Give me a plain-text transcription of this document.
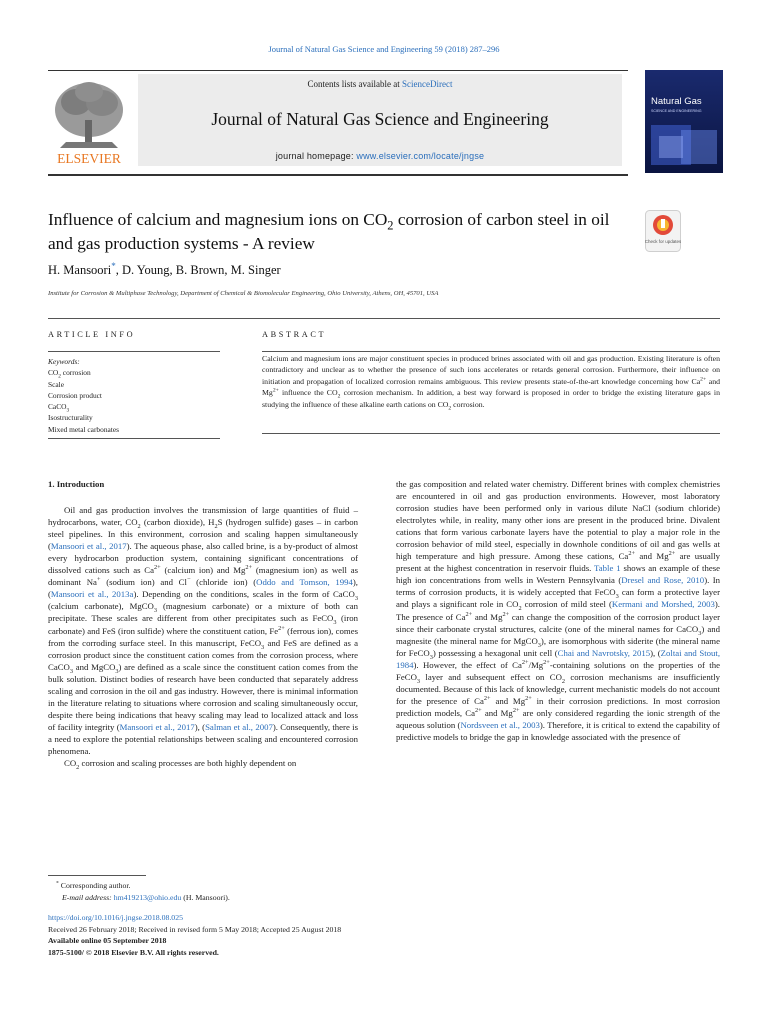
Journal of Natural Gas Science and Engineering 59 (2018) 287–296
Contents lists available at ScienceDirect
Journal of Natural Gas Science and Engineering
journal homepage: www.elsevier.com/locate/jngse
ELSEVIER
Natural Gas
SCIENCE AND ENGINEERING
Influence of calcium and magnesium ions on $CO_2$ corrosion of carbon steel in oil and gas production systems - A review	Check for updates
H. Mansoori*, D. Young, B. Brown, M. Singer
Institute for Corrosion & Multiphase Technology, Department of Chemical & Biomolecular Engineering, Ohio University, Athens, OH, 45701, USA
ARTICLE INFO	ABSTRACT
Keywords:
$CO_2$ corrosion
Scale
Corrosion product
CaCO$_3$
Isostructurality
Mixed metal carbonates
Calcium and magnesium ions are major constituent species in produced brines associated with oil and gas production. Existing literature is often contradictory and unclear as to whether the presence of such ions accelerates or retards general corrosion. Furthermore, their influence on initiation and propagation of localized corrosion remains ambiguous. This review presents state-of-the-art knowledge concerning how $Ca^{2+}$ and $Mg^{2+}$ influence the $CO_2$ corrosion mechanism. In addition, a best way forward is proposed in order to bridge the existing literature gaps in studying the influence of these alkaline earth cations on $CO_2$ corrosion.

1. Introduction

Oil and gas production involves the transmission of large quantities of fluid – hydrocarbons, water, $CO_2$ (carbon dioxide), $H_2S$ (hydrogen sulfide) gases – in carbon steel pipelines. In this environment, corrosion and scaling happen simultaneously (Mansoori et al., 2017). The aqueous phase, also called brine, is a by-product of almost every hydrocarbon production system, containing significant concentrations of dissolved cations such as $Ca^{2+}$ (calcium ion) and $Mg^{2+}$ (magnesium ion) as well as dominant Na+ (sodium ion) and Cl− (chloride ion) (Oddo and Tomson, 1994), (Mansoori et al., 2013a). Depending on the conditions, scales in the form of CaCO$_3$ (calcium carbonate), MgCO$_3$ (magnesium carbonate) or a mixture of both can precipitate. These scales are different from other precipitates such as FeCO$_3$ (iron carbonate) and FeS (iron sulfide) where the constituent cation, $Fe^{2+}$ (ferrous ion), comes from the corroding surface steel. In this manuscript, FeCO$_3$ and FeS are defined as a corrosion product since the constituent cation comes from the corrosion process, where CaCO$_3$ and MgCO$_3$) are defined as a scale since the constituent cation comes from the bulk solution. Distinct bodies of research have been conducted that separately address scaling and corrosion in the oil and gas industry. However, there is minimal information in the literature relating to situations where corrosion and scaling simultaneously occur, despite there being indications that heavy scaling may lead to localized attack and loss of facility integrity (Mansoori et al., 2017), (Salman et al., 2007). Consequently, there is a need to explore the potential relationships between scaling and encountered corrosion phenomena.

$CO_2$ corrosion and scaling processes are both highly dependent on

the gas composition and related water chemistry. Different brines with complex chemistries are encountered in oil and gas production environments. However, most laboratory corrosion studies have been performed only in various dilute NaCl (sodium chloride) electrolytes while, in reality, many other ions are present in the produced brine. Divalent cations that form various carbonate layers have the potential to play a major role in the corrosion behavior of mild steel, especially in downhole conditions of oil and gas wells at high temperature and high pressure. Among these cations, $Ca^{2+}$ and $Mg^{2+}$ are usually present at the highest concentration in reservoir fluids. Table 1 shows an example of these high ion concentrations from wells in Western Pennsylvania (Dresel and Rose, 2010). In terms of corrosion products, it is widely accepted that FeCO$_3$ can form a protective layer and plays a significant role in $CO_2$ corrosion of mild steel (Kermani and Morshed, 2003). The presence of $Ca^{2+}$ and $Mg^{2+}$ can change the composition of the corrosion product layer since their carbonate crystal structures, calcite (one of the mineral names for CaCO$_3$) and magnesite (the mineral name for MgCO$_3$), are isomorphous with siderite (the mineral name for FeCO$_3$) possessing a hexagonal unit cell (Chai and Navrotsky, 2015), (Zoltai and Stout, 1984). However, the effect of $Ca^{2+}/Mg^{2+}$-containing solutions on the properties of the FeCO$_3$ layer and subsequent effect on $CO_2$ corrosion mechanisms are insufficiently documented. Because of this lack of knowledge, current mechanistic models do not account for the presence of $Ca^{2+}$ and $Mg^{2+}$ in their corrosion predictions. In most corrosion prediction models, $Ca^{2+}$ and $Mg^{2+}$ are only considered regarding the ionic strength of the aqueous solution (Nordsveen et al., 2003). Therefore, it is critical to extend the capability of predictive models to bridge the gap in knowledge associated with the presence of

* Corresponding author.
E-mail address: hm419213@ohio.edu (H. Mansoori).
https://doi.org/10.1016/j.jngse.2018.08.025
Received 26 February 2018; Received in revised form 5 May 2018; Accepted 25 August 2018
Available online 05 September 2018
1875-5100/ © 2018 Elsevier B.V. All rights reserved.
